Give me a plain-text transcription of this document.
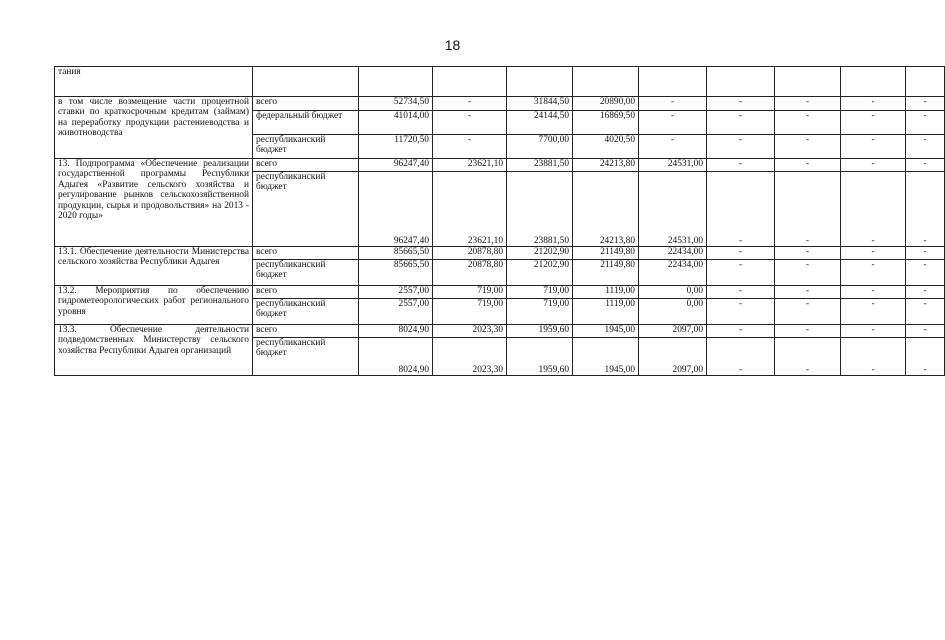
18
тания										
в том числе возмещение части процентной ставки по краткосрочным кредитам (займам) на переработку продукции растениеводства и животноводства	всего	52734,50	-	31844,50	20890,00	-	-	-	-	-
	федеральный бюджет	41014,00	-	24144,50	16869,50	-	-	-	-	-
	республиканский бюджет	11720,50	-	7700,00	4020,50	-	-	-	-	-
13. Подпрограмма «Обеспечение реализации государственной программы Республики Адыгея «Развитие сельского хозяйства и регулирование рынков сельскохозяйственной продукции, сырья и продовольствия» на 2013 - 2020 годы»	всего	96247,40	23621,10	23881,50	24213,80	24531,00	-	-	-	-
	республиканский бюджет	96247,40	23621,10	23881,50	24213,80	24531,00	-	-	-	-
13.1. Обеспечение деятельности Министерства сельского хозяйства Республики Адыгея	всего	85665,50	20878,80	21202,90	21149,80	22434,00	-	-	-	-
	республиканский бюджет	85665,50	20878,80	21202,90	21149,80	22434,00	-	-	-	-
13.2. Мероприятия по обеспечению гидрометеорологических работ регионального уровня	всего	2557,00	719,00	719,00	1119,00	0,00	-	-	-	-
	республиканский бюджет	2557,00	719,00	719,00	1119,00	0,00	-	-	-	-
13.3. Обеспечение деятельности подведомственных Министерству сельского хозяйства Республики Адыгея организаций	всего	8024,90	2023,30	1959,60	1945,00	2097,00	-	-	-	-
	республиканский бюджет	8024,90	2023,30	1959,60	1945,00	2097,00	-	-	-	-
